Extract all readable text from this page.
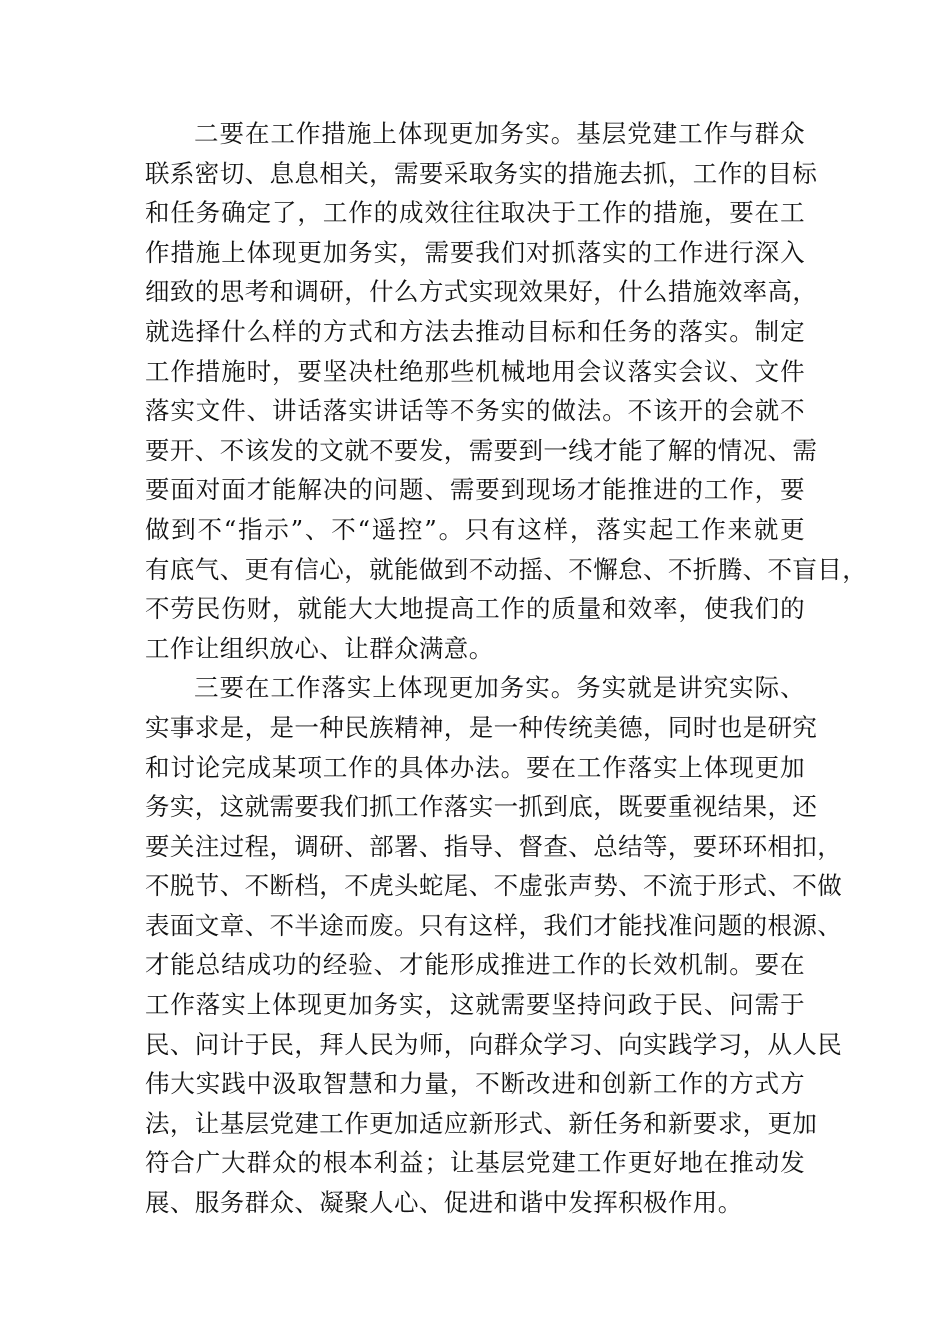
二要在工作措施上体现更加务实。基层党建工作与群众
联系密切、息息相关，需要采取务实的措施去抓，工作的目标
和任务确定了，工作的成效往往取决于工作的措施，要在工
作措施上体现更加务实，需要我们对抓落实的工作进行深入
细致的思考和调研，什么方式实现效果好，什么措施效率高，
就选择什么样的方式和方法去推动目标和任务的落实。制定
工作措施时，要坚决杜绝那些机械地用会议落实会议、文件
落实文件、讲话落实讲话等不务实的做法。不该开的会就不
要开、不该发的文就不要发，需要到一线才能了解的情况、需
要面对面才能解决的问题、需要到现场才能推进的工作，要
做到不“指示”、不“遥控”。只有这样，落实起工作来就更
有底气、更有信心，就能做到不动摇、不懈怠、不折腾、不盲目，
不劳民伤财，就能大大地提高工作的质量和效率，使我们的
工作让组织放心、让群众满意。
三要在工作落实上体现更加务实。务实就是讲究实际、
实事求是，是一种民族精神，是一种传统美德，同时也是研究
和讨论完成某项工作的具体办法。要在工作落实上体现更加
务实，这就需要我们抓工作落实一抓到底，既要重视结果，还
要关注过程，调研、部署、指导、督查、总结等，要环环相扣，
不脱节、不断档，不虎头蛇尾、不虚张声势、不流于形式、不做
表面文章、不半途而废。只有这样，我们才能找准问题的根源、
才能总结成功的经验、才能形成推进工作的长效机制。要在
工作落实上体现更加务实，这就需要坚持问政于民、问需于
民、问计于民，拜人民为师，向群众学习、向实践学习，从人民
伟大实践中汲取智慧和力量，不断改进和创新工作的方式方
法，让基层党建工作更加适应新形式、新任务和新要求，更加
符合广大群众的根本利益；让基层党建工作更好地在推动发
展、服务群众、凝聚人心、促进和谐中发挥积极作用。
